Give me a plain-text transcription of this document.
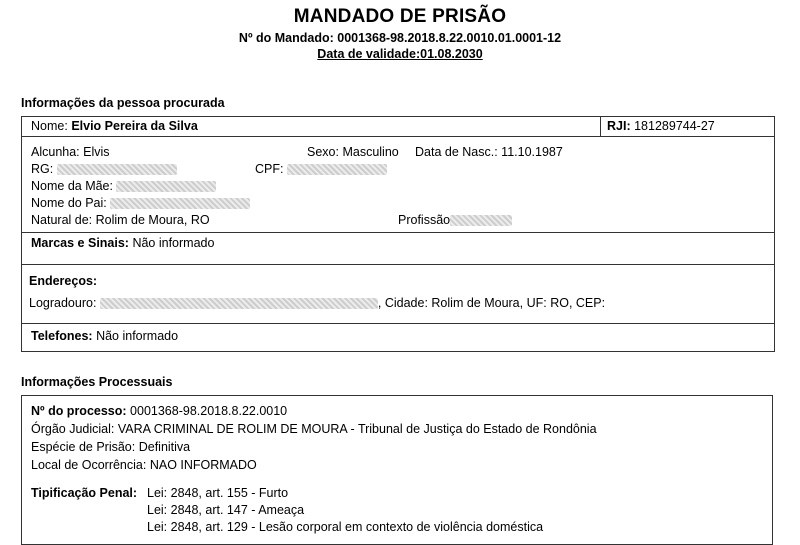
MANDADO DE PRISÃO
Nº do Mandado: 0001368-98.2018.8.22.0010.01.0001-12
Data de validade:01.08.2030
Informações da pessoa procurada
Nome: Elvio Pereira da Silva	RJI: 181289744-27
Alcunha: Elvis	Sexo: Masculino Data de Nasc.: 11.10.1987
RG:	CPF:
Nome da Mãe:
Nome do Pai:
Natural de: Rolim de Moura, RO	Profissão
Marcas e Sinais: Não informado
Endereços:
Logradouro:	, Cidade: Rolim de Moura, UF: RO, CEP:
Telefones: Não informado
Informações Processuais
Nº do processo: 0001368-98.2018.8.22.0010
Órgão Judicial: VARA CRIMINAL DE ROLIM DE MOURA - Tribunal de Justiça do Estado de Rondônia
Espécie de Prisão: Definitiva
Local de Ocorrência: NAO INFORMADO
Tipificação Penal: Lei: 2848, art. 155 - Furto
Lei: 2848, art. 147 - Ameaça
Lei: 2848, art. 129 - Lesão corporal em contexto de violência doméstica
